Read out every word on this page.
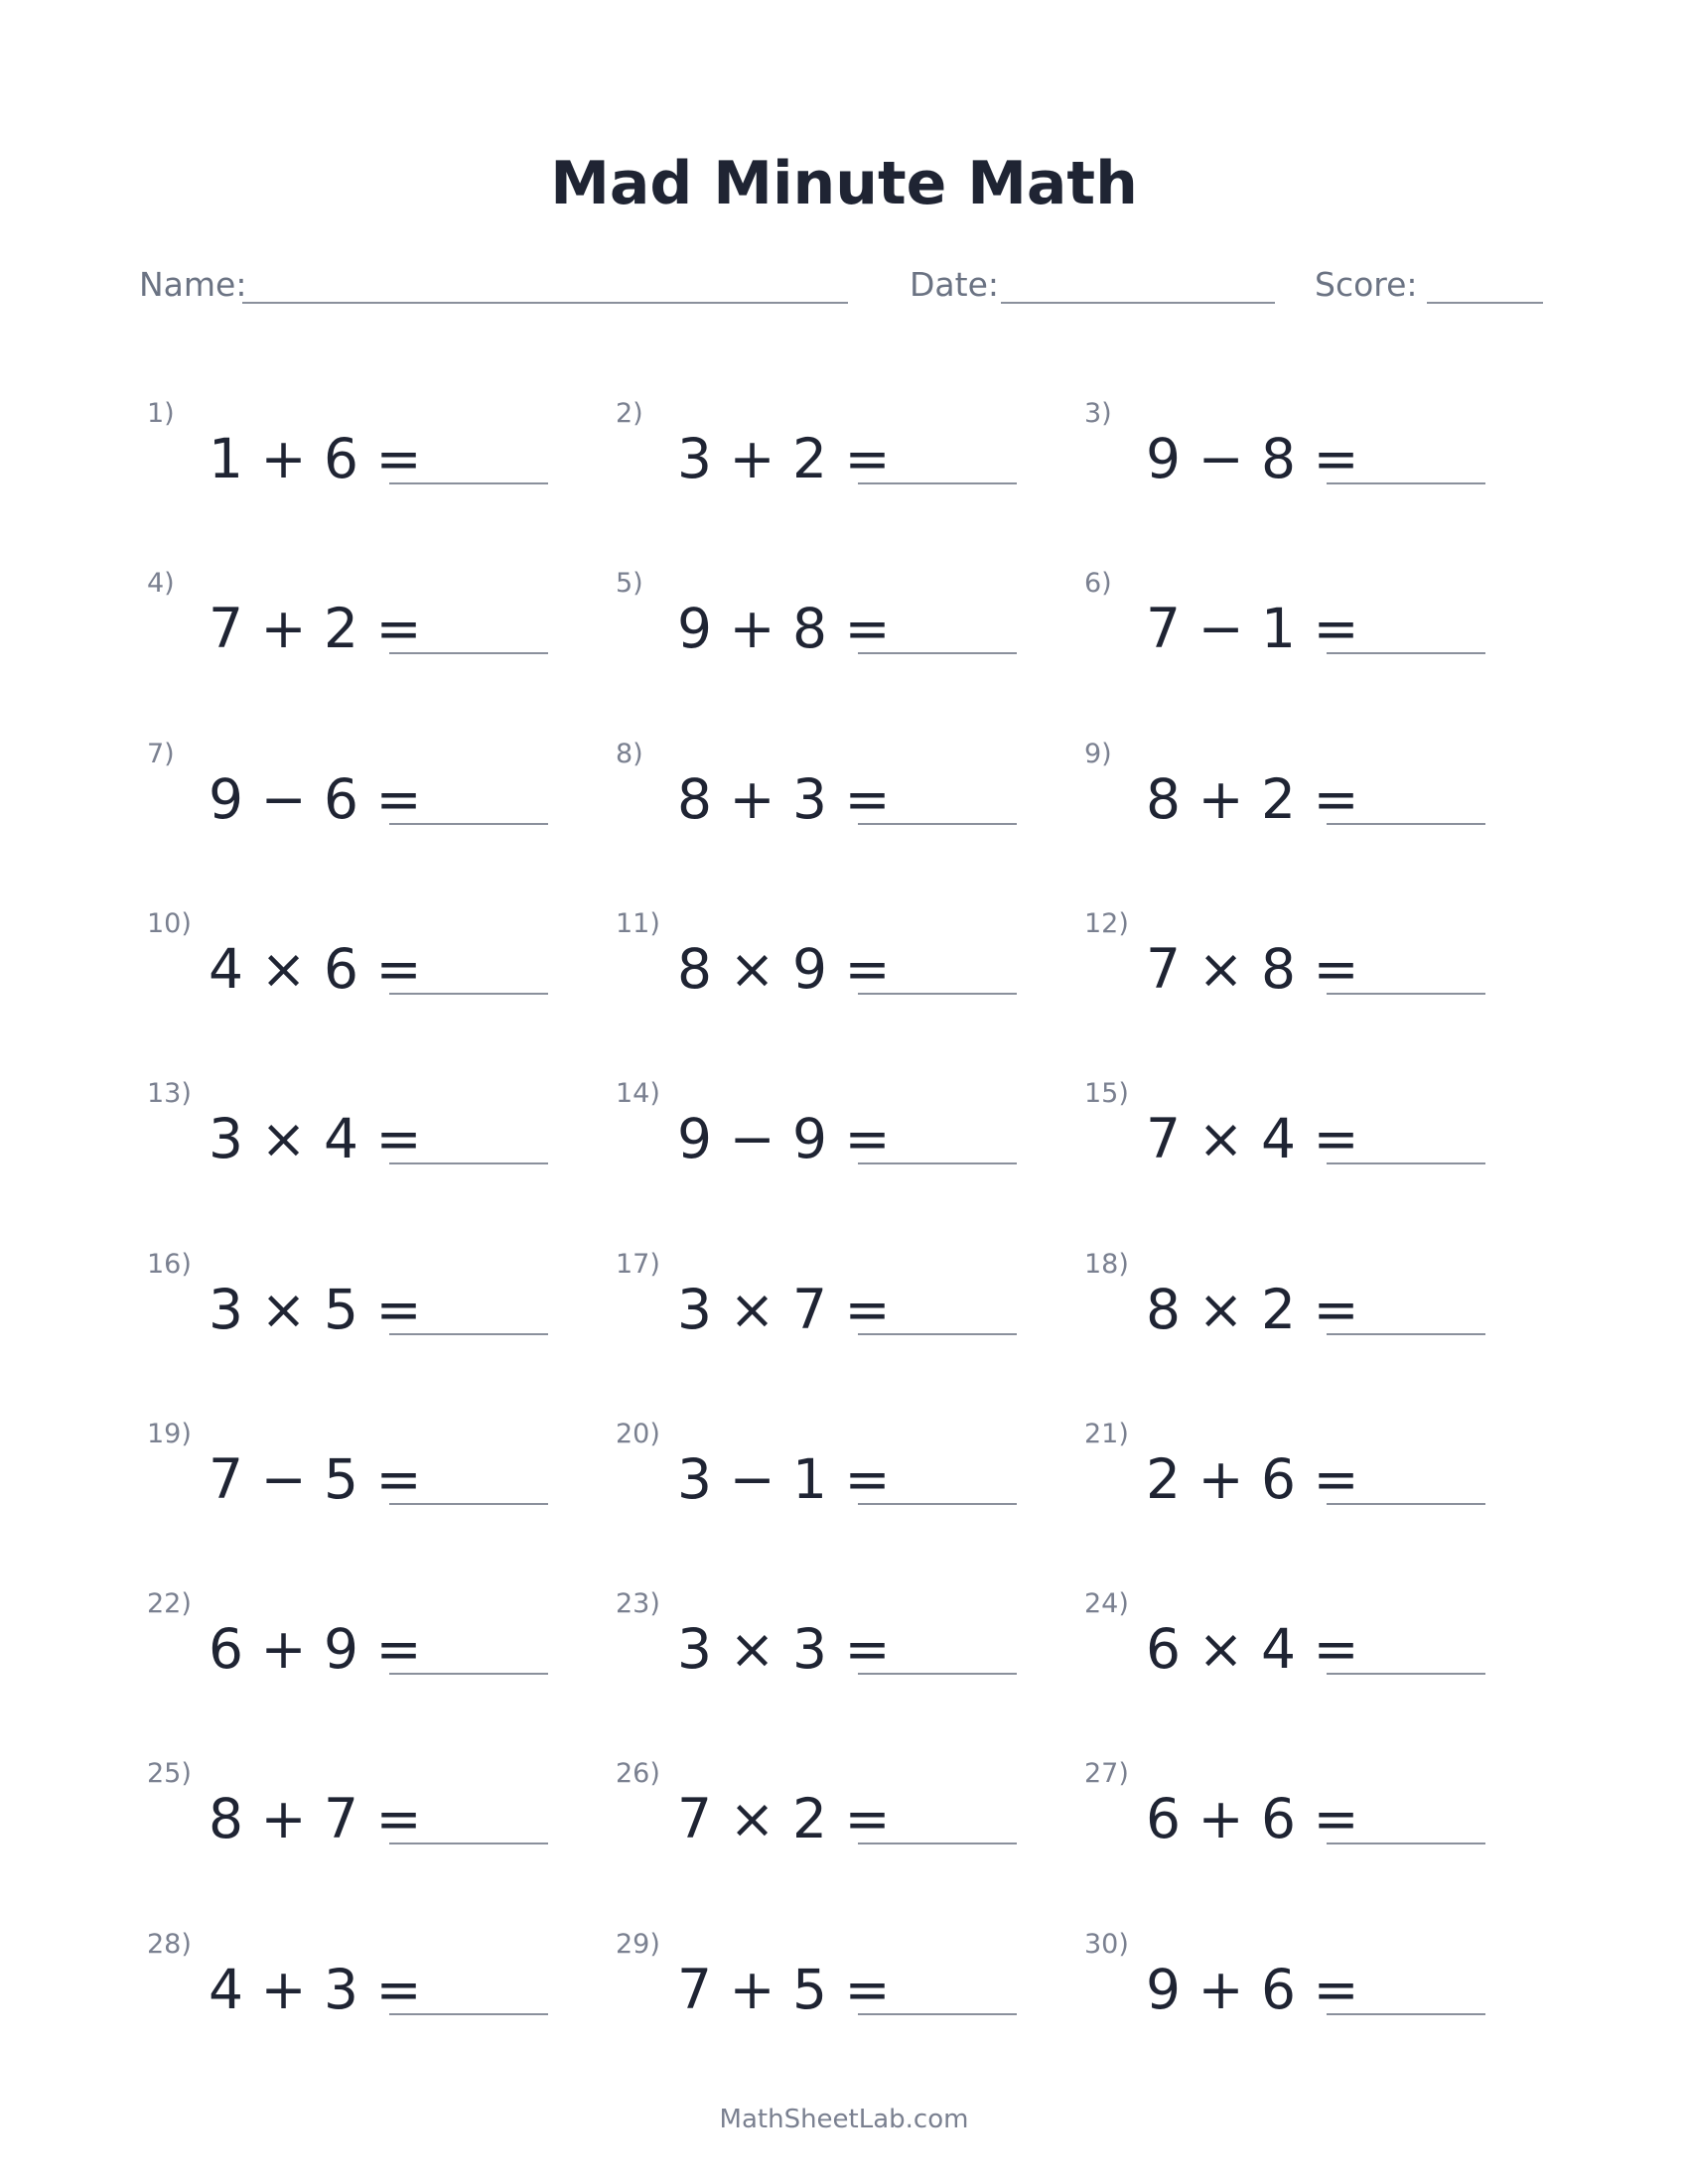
Mad Minute Math
Name:	Date:	Score:
1)
1 + 6 =
2)
3 + 2 =
3)
9 − 8 =
4)
7 + 2 =
5)
9 + 8 =
6)
7 − 1 =
7)
9 − 6 =
8)
8 + 3 =
9)
8 + 2 =
10)
4 × 6 =
11)
8 × 9 =
12)
7 × 8 =
13)
3 × 4 =
14)
9 − 9 =
15)
7 × 4 =
16)
3 × 5 =
17)
3 × 7 =
18)
8 × 2 =
19)
7 − 5 =
20)
3 − 1 =
21)
2 + 6 =
22)
6 + 9 =
23)
3 × 3 =
24)
6 × 4 =
25)
8 + 7 =
26)
7 × 2 =
27)
6 + 6 =
28)
4 + 3 =
29)
7 + 5 =
30)
9 + 6 =
MathSheetLab.com
